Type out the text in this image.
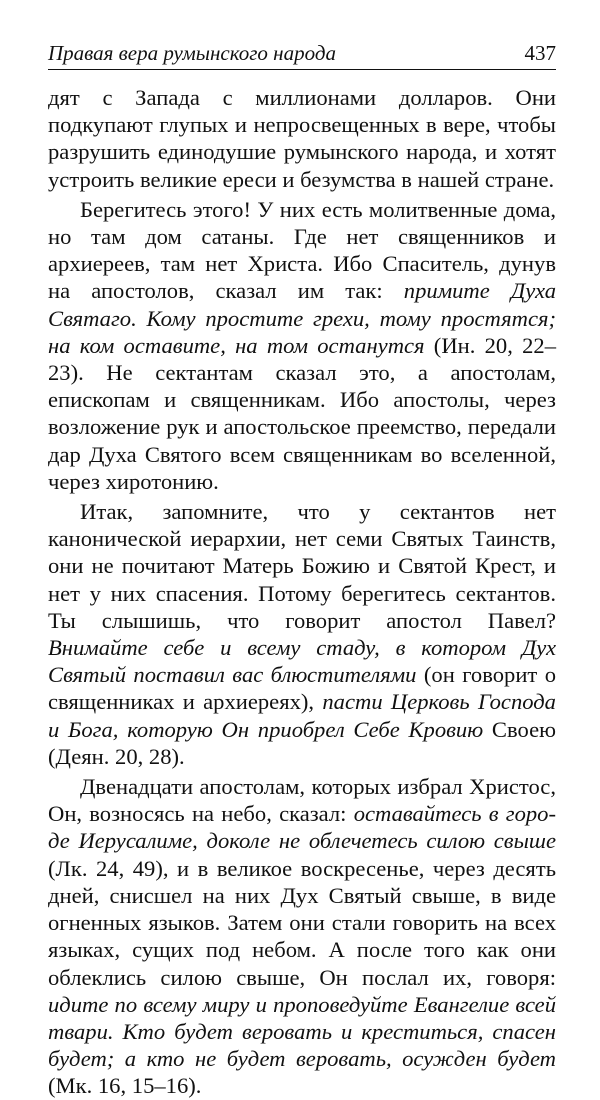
Правая вера румынского народа	437

дят с Запада с миллионами долларов. Они подкупают глупых и непросвещенных в вере, чтобы разрушить единодушие румынского народа, и хотят устроить великие ереси и безумства в нашей стране.

Берегитесь этого! У них есть молитвенные дома, но там дом сатаны. Где нет священников и архиереев, там нет Христа. Ибо Спаситель, дунув на апостолов, сказал им так: примите Духа Святаго. Кому простите грехи, тому простятся; на ком оставите, на том останутся (Ин. 20, 22–23). Не сектантам сказал это, а апостолам, епископам и священникам. Ибо апостолы, через возложение рук и апостольское преемство, передали дар Духа Святого всем священникам во вселенной, через хиротонию.

Итак, запомните, что у сектантов нет канонической иерархии, нет семи Святых Таинств, они не почитают Матерь Божию и Святой Крест, и нет у них спасения. Потому берегитесь сектантов. Ты слышишь, что говорит апостол Павел? Внимайте себе и всему стаду, в котором Дух Святый поставил вас блюстителями (он говорит о священниках и архиереях), пасти Церковь Господа и Бога, которую Он приобрел Себе Кровию Своею (Деян. 20, 28).

Двенадцати апостолам, которых избрал Христос, Он, возносясь на небо, сказал: оставайтесь в городе Иерусалиме, доколе не облечетесь силою свыше (Лк. 24, 49), и в великое воскресенье, через десять дней, снисшел на них Дух Святый свыше, в виде огненных языков. Затем они стали говорить на всех языках, сущих под небом. А после того как они облеклись силою свыше, Он послал их, говоря: идите по всему миру и проповедуйте Евангелие всей твари. Кто будет веровать и креститься, спасен будет; а кто не будет веровать, осужден будет (Мк. 16, 15–16).
